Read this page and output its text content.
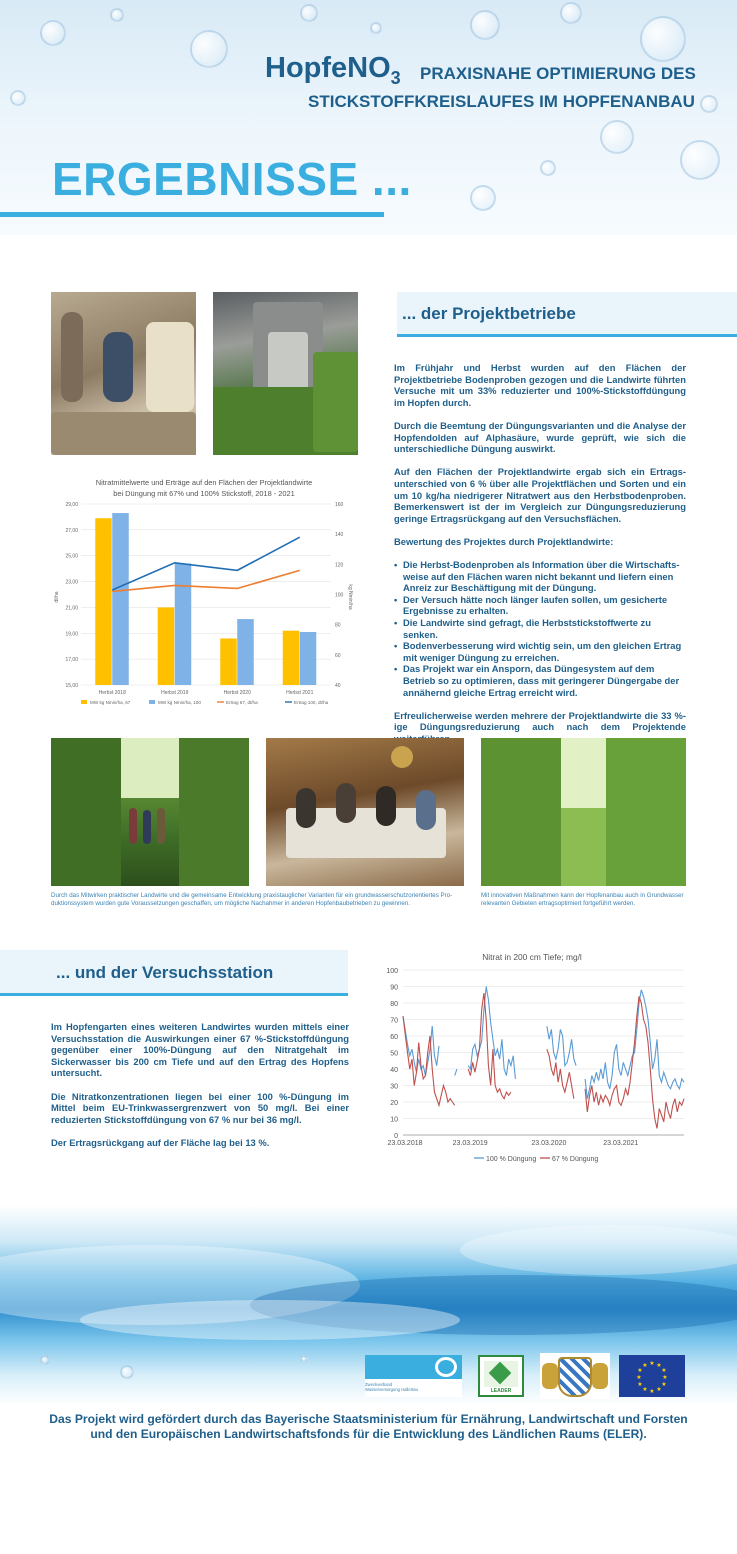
HopfeNO$_3$ PRAXISNAHE OPTIMIERUNG DES
STICKSTOFFKREISLAUFES IM HOPFENANBAU
ERGEBNISSE ...
Nitratmittelwerte und Erträge auf den Flächen der Projektlandwirte
bei Düngung mit 67% und 100% Stickstoff, 2018 - 2021
dt/ha	kg Nmin/ha
15,00
17,00
19,00
21,00
23,00
25,00
27,00
29,00
40
60
80
100
120
140
160
Herbst 2018	Herbst 2019	Herbst 2020	Herbst 2021
MW kg Nmin/ha, 67	MW kg Nmin/ha, 100	Ertrag 67, dt/ha	Ertrag 100, dt/ha
... der Projektbetriebe

Im Frühjahr und Herbst wurden auf den Flächen der Projektbetriebe Bodenproben gezogen und die Landwirte führten Versuche mit um 33% reduzierter und 100%-Stickstoffdüngung im Hopfen durch.

Durch die Beemtung der Düngungsvarianten und die Analyse der Hopfendolden auf Alphasäure, wurde geprüft, wie sich die unterschiedliche Düngung auswirkt.

Auf den Flächen der Projektlandwirte ergab sich ein Ertrags-unterschied von 6 % über alle Projektflächen und Sorten und ein um 10 kg/ha niedrigerer Nitratwert aus den Herbstbodenproben. Bemerkenswert ist der im Vergleich zur Düngungsreduzierung geringe Ertragsrückgang auf den Versuchsflächen.

Bewertung des Projektes durch Projektlandwirte:

• Die Herbst-Bodenproben als Information über die Wirtschafts-weise auf den Flächen waren nicht bekannt und liefern einen Anreiz zur Beschäftigung mit der Düngung.
• Der Versuch hätte noch länger laufen sollen, um gesicherte Ergebnisse zu erhalten.
• Die Landwirte sind gefragt, die Herbststickstoffwerte zu senken.
• Bodenverbesserung wird wichtig sein, um den gleichen Ertrag mit weniger Düngung zu erreichen.
• Das Projekt war ein Ansporn, das Düngesystem auf dem Betrieb so zu optimieren, dass mit geringerer Düngergabe der annähernd gleiche Ertrag erreicht wird.

Erfreulicherweise werden mehrere der Projektlandwirte die 33 %-ige Düngungsreduzierung auch nach dem Projektende

Durch das Mitwirken praktischer Landwirte und die gemeinsame Entwicklung praxistauglicher Varianten für ein grundwasserschutzorientiertes Pro-duktionssystem wurden gute Voraussetzungen geschaffen, um mögliche Nachahmer in anderen Hopfenbaubetrieben zu gewinnen.
Mit innovativen Maßnahmen kann der Hopfenanbau auch in Grundwasser relevanten Gebieten ertragsoptimiert fortgeführt werden.
... und der Versuchsstation

Im Hopfengarten eines weiteren Landwirtes wurden mittels einer Versuchsstation die Auswirkungen einer 67 %-Stickstoffdüngung gegenüber einer 100%-Düngung auf den Nitratgehalt im Sickerwasser bis 200 cm Tiefe und auf den Ertrag des Hopfens untersucht.

Die Nitratkonzentrationen liegen bei einer 100 %-Düngung im Mittel beim EU-Trinkwassergrenzwert von 50 mg/l. Bei einer reduzierten Stickstoffdüngung von 67 % nur bei 36 mg/l.

Der Ertragsrückgang auf der Fläche lag bei 13 %.

Nitrat in 200 cm Tiefe; mg/l
0
10
20
30
40
50
60
70
80
90
100
23.03.2018	23.03.2019	23.03.2020	23.03.2021
100 % Düngung 67 % Düngung
Zweckverband Wasserversorgung Hallertau	LEADER
★ ★
★
★
★
★
★
★
★
★
★
★
Das Projekt wird gefördert durch das Bayerische Staatsministerium für Ernährung, Landwirtschaft und Forsten
und den Europäischen Landwirtschaftsfonds für die Entwicklung des Ländlichen Raums (ELER).
